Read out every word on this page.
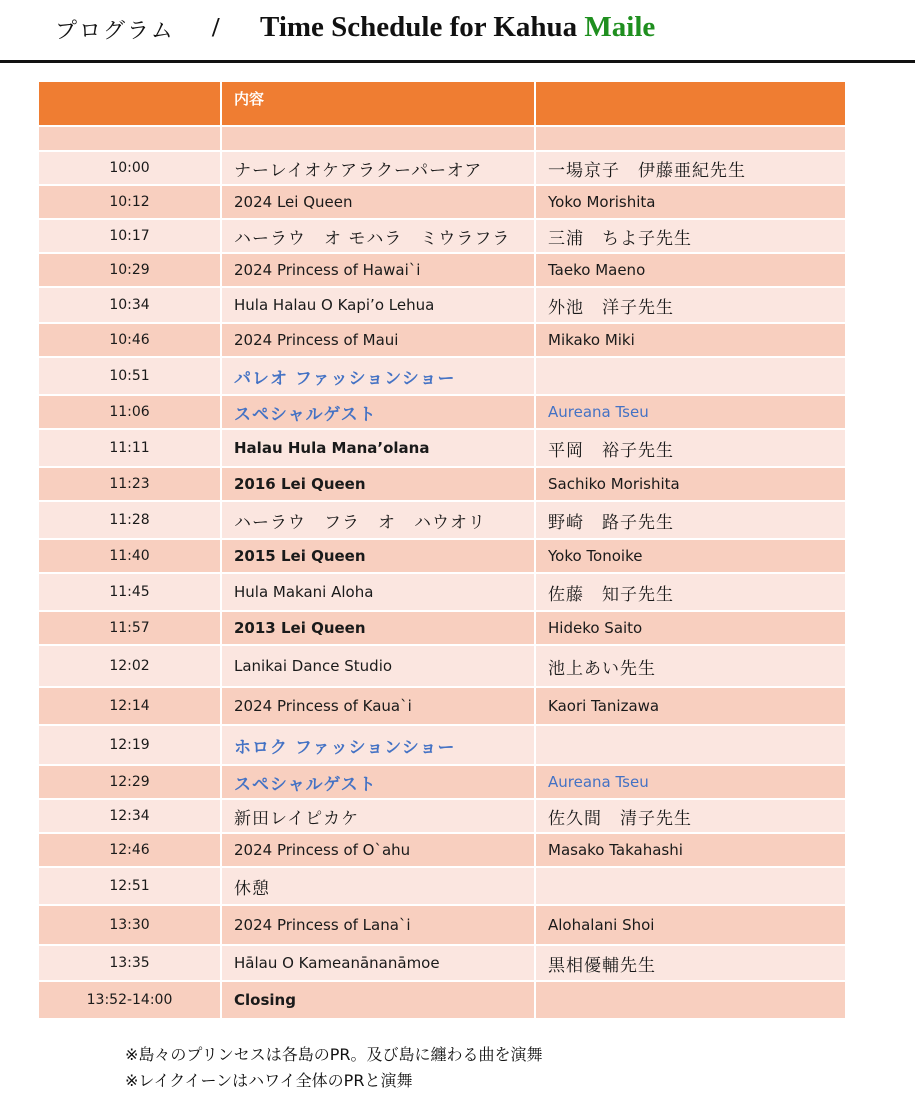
プログラム / Time Schedule for Kahua Maile
	内容	

10:00	ナーレイオケアラクーパーオア	一場京子　伊藤亜紀先生
10:12	2024 Lei Queen	Yoko Morishita
10:17	ハーラウ　オ モハラ　ミウラフラ	三浦　ちよ子先生
10:29	2024 Princess of Hawai`i	Taeko Maeno
10:34	Hula Halau O Kapi’o Lehua	外池　洋子先生
10:46	2024 Princess of Maui	Mikako Miki
10:51	パレオ ファッションショー	
11:06	スペシャルゲスト	Aureana Tseu
11:11	Halau Hula Mana’olana	平岡　裕子先生
11:23	2016 Lei Queen	Sachiko Morishita
11:28	ハーラウ　フラ　オ　ハウオリ	野崎　路子先生
11:40	2015 Lei Queen	Yoko Tonoike
11:45	Hula Makani Aloha	佐藤　知子先生
11:57	2013 Lei Queen	Hideko Saito
12:02	Lanikai Dance Studio	池上あい先生
12:14	2024 Princess of Kaua`i	Kaori Tanizawa
12:19	ホロク ファッションショー	
12:29	スペシャルゲスト	Aureana Tseu
12:34	新田レイピカケ	佐久間　清子先生
12:46	2024 Princess of O`ahu	Masako Takahashi
12:51	休憩	
13:30	2024 Princess of Lana`i	Alohalani Shoi
13:35	Hālau O Kameanānanāmoe	黒相優輔先生
13:52-14:00	Closing	
※島々のプリンセスは各島のPR。及び島に纏わる曲を演舞
※レイクイーンはハワイ全体のPRと演舞
